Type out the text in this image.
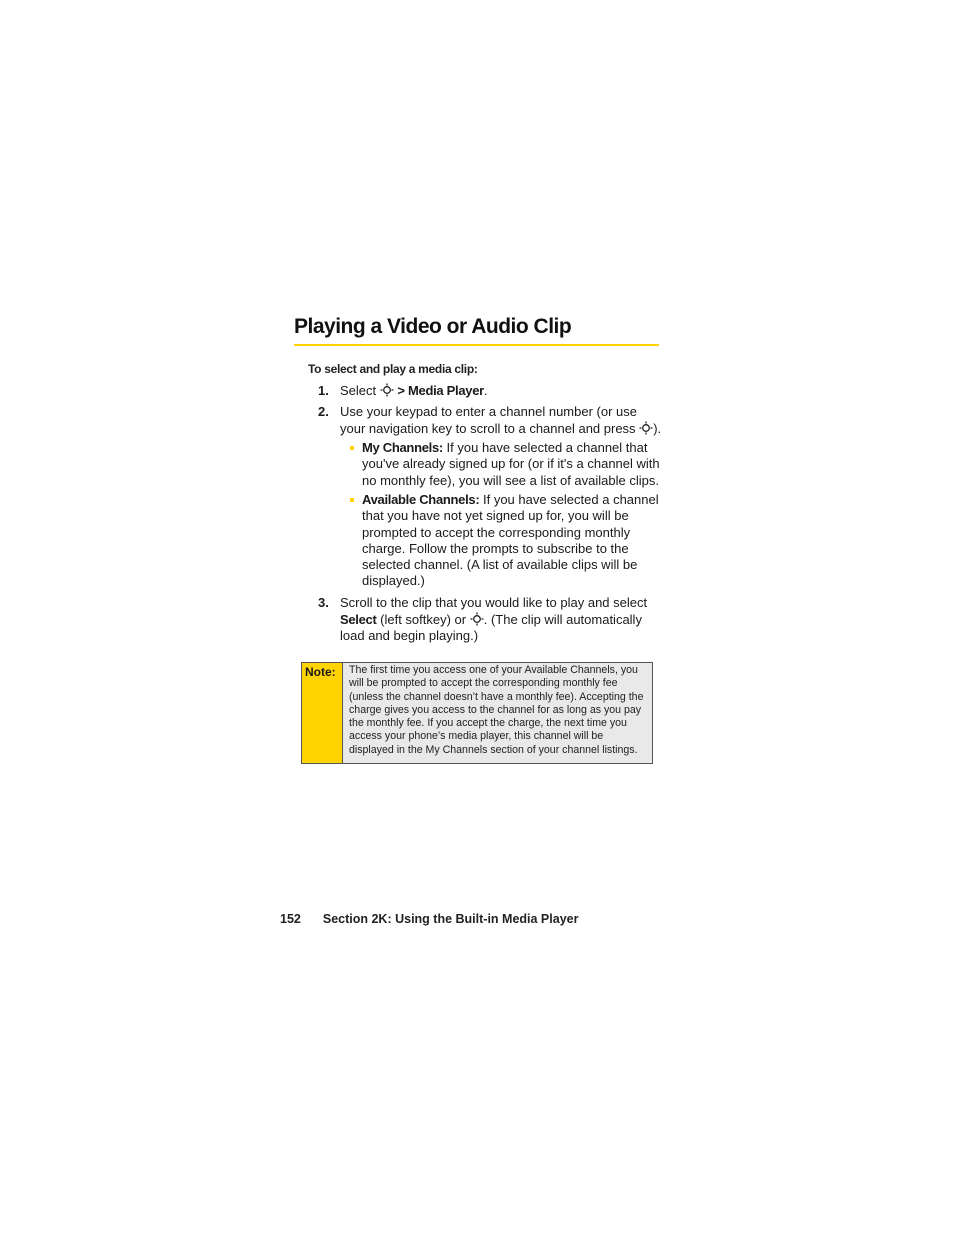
Playing a Video or Audio Clip
To select and play a media clip:
1. Select > Media Player.
2. Use your keypad to enter a channel number (or use your navigation key to scroll to a channel and press ).
My Channels: If you have selected a channel that you've already signed up for (or if it's a channel with no monthly fee), you will see a list of available clips.
Available Channels: If you have selected a channel that you have not yet signed up for, you will be prompted to accept the corresponding monthly charge. Follow the prompts to subscribe to the selected channel. (A list of available clips will be displayed.)
3. Scroll to the clip that you would like to play and select Select (left softkey) or . (The clip will automatically load and begin playing.)
Note:	The first time you access one of your Available Channels, you will be prompted to accept the corresponding monthly fee (unless the channel doesn’t have a monthly fee). Accepting the charge gives you access to the channel for as long as you pay the monthly fee. If you accept the charge, the next time you access your phone’s media player, this channel will be displayed in the My Channels section of your channel listings.
152 Section 2K: Using the Built-in Media Player
